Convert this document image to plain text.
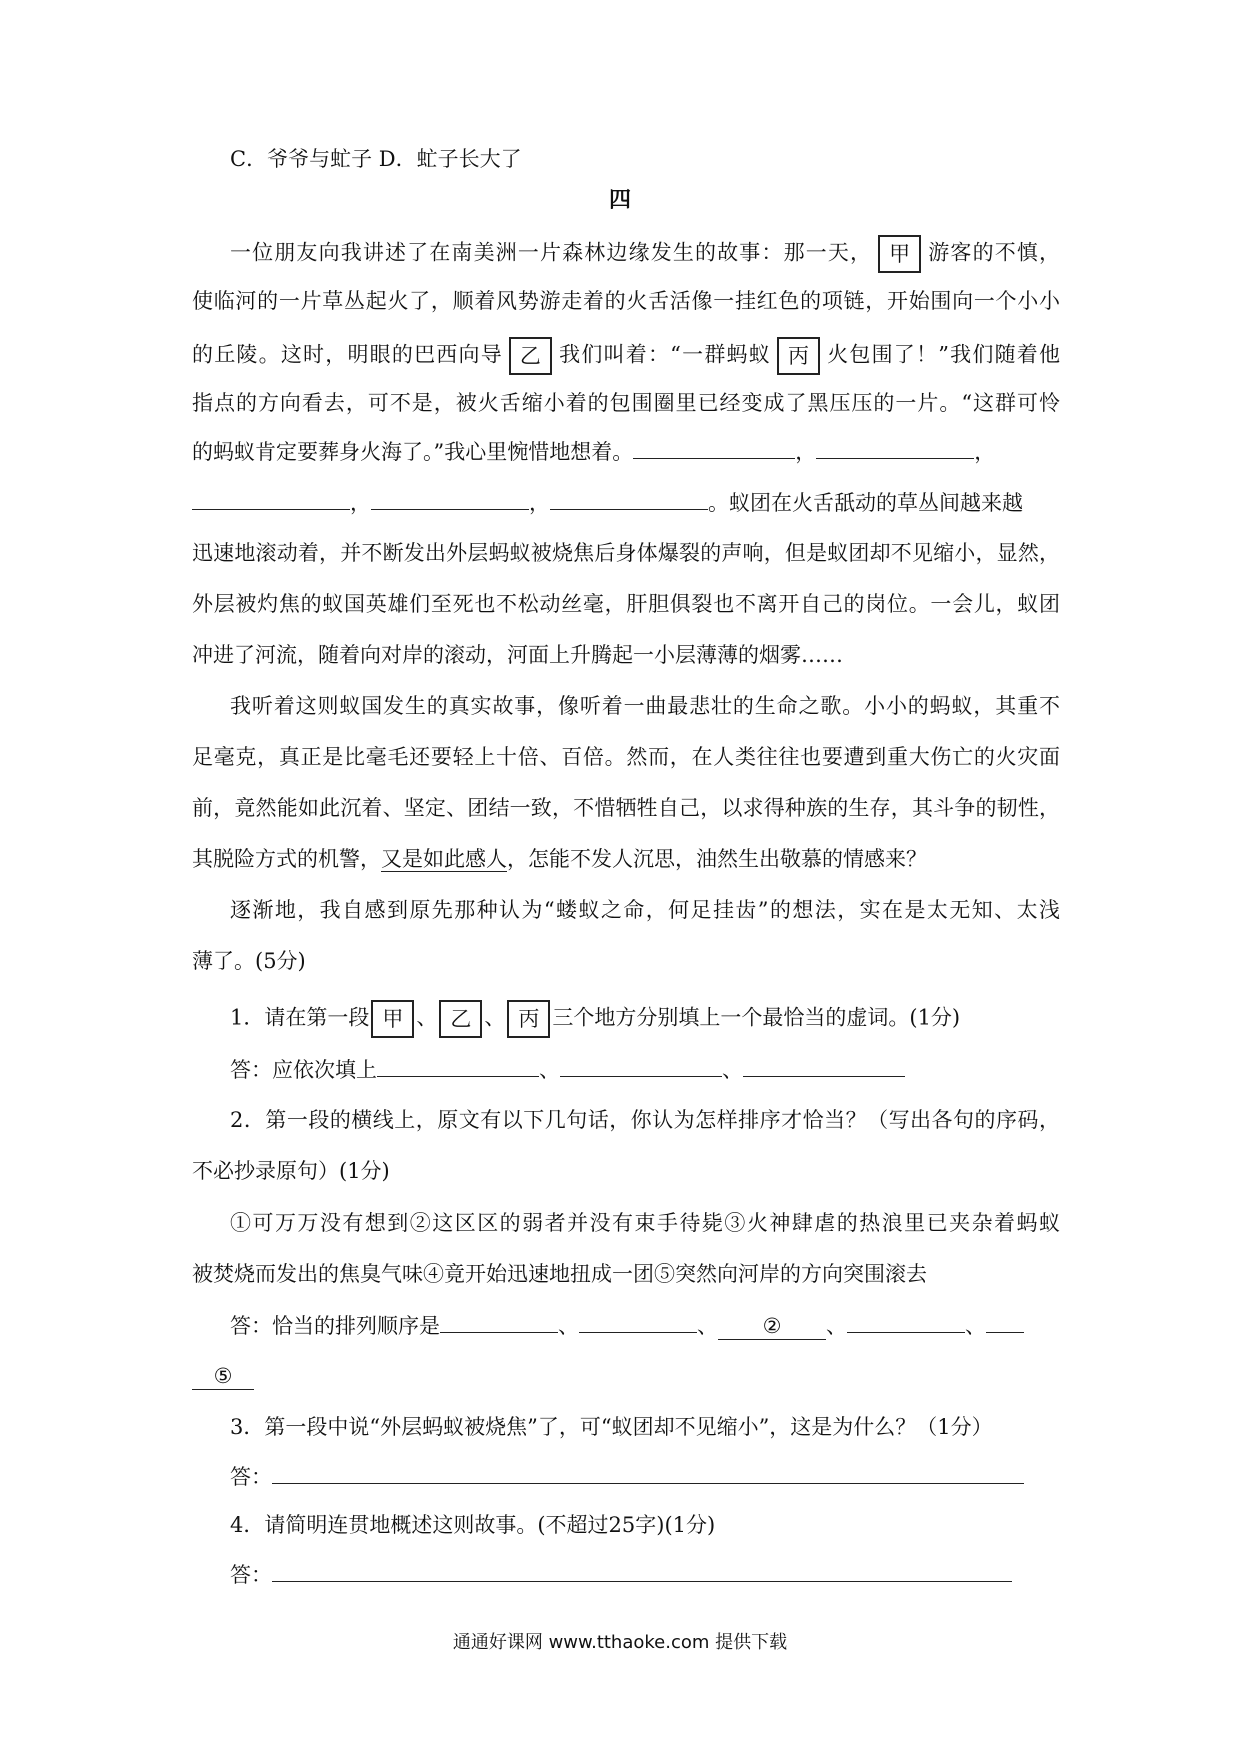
C．爷爷与虻子 D．虻子长大了
四
一位朋友向我讲述了在南美洲一片森林边缘发生的故事：那一天， 甲 游客的不慎，
使临河的一片草丛起火了，顺着风势游走着的火舌活像一挂红色的项链，开始围向一个小小
的丘陵。这时，明眼的巴西向导 乙 我们叫着：“一群蚂蚁 丙 火包围了！”我们随着他
指点的方向看去，可不是，被火舌缩小着的包围圈里已经变成了黑压压的一片。“这群可怜
的蚂蚁肯定要葬身火海了。”我心里惋惜地想着。	，	，
，	，	。蚁团在火舌舐动的草丛间越来越
迅速地滚动着，并不断发出外层蚂蚁被烧焦后身体爆裂的声响，但是蚁团却不见缩小，显然，
外层被灼焦的蚁国英雄们至死也不松动丝毫，肝胆俱裂也不离开自己的岗位。一会儿，蚁团
冲进了河流，随着向对岸的滚动，河面上升腾起一小层薄薄的烟雾……
我听着这则蚁国发生的真实故事，像听着一曲最悲壮的生命之歌。小小的蚂蚁，其重不
足毫克，真正是比毫毛还要轻上十倍、百倍。然而，在人类往往也要遭到重大伤亡的火灾面
前，竟然能如此沉着、坚定、团结一致，不惜牺牲自己，以求得种族的生存，其斗争的韧性，
其脱险方式的机警，又是如此感人，怎能不发人沉思，油然生出敬慕的情感来？
逐渐地，我自感到原先那种认为“蝼蚁之命，何足挂齿”的想法，实在是太无知、太浅
薄了。(5分)
1．请在第一段 甲 、 乙 、 丙 三个地方分别填上一个最恰当的虚词。(1分)
答：应依次填上	、	、
2．第一段的横线上，原文有以下几句话，你认为怎样排序才恰当？（写出各句的序码，
不必抄录原句）(1分)
①可万万没有想到②这区区的弱者并没有束手待毙③火神肆虐的热浪里已夹杂着蚂蚁
被焚烧而发出的焦臭气味④竟开始迅速地扭成一团⑤突然向河岸的方向突围滚去
答：恰当的排列顺序是	、	、 ② 、	、
⑤
3．第一段中说“外层蚂蚁被烧焦”了，可“蚁团却不见缩小”，这是为什么？（1分）
答：
4．请简明连贯地概述这则故事。(不超过25字)(1分)
答：
通通好课网 www.tthaoke.com 提供下载
